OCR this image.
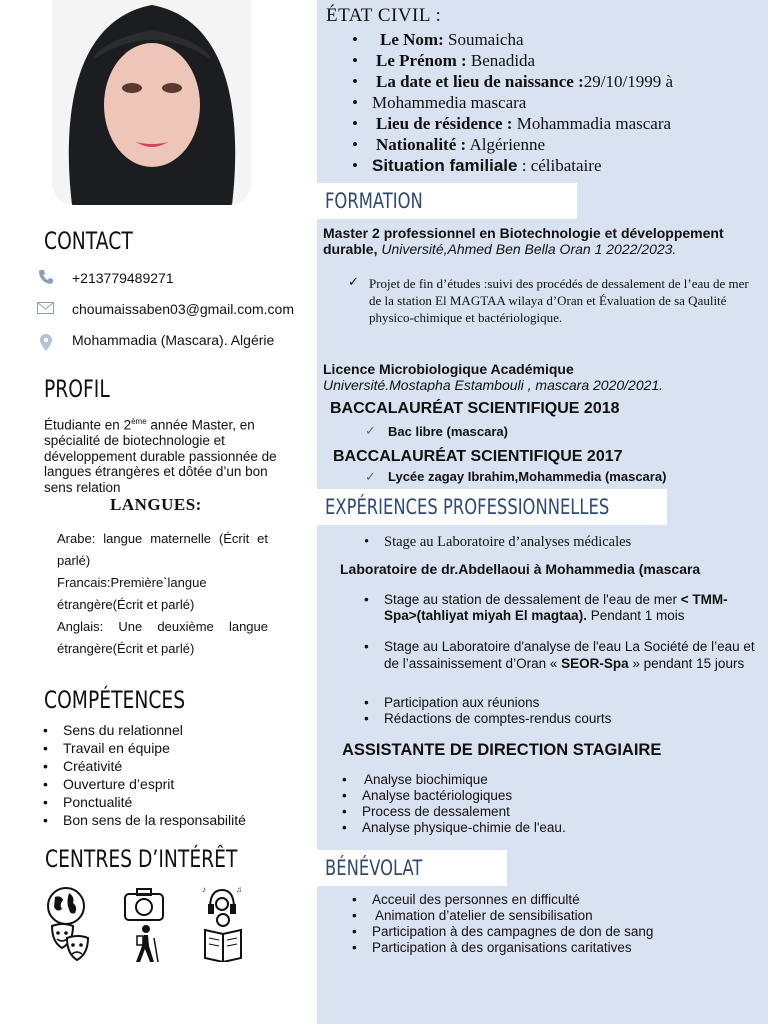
ÉTAT CIVIL :
• Le Nom: Soumaicha
• Le Prénom : Benadida
• La date et lieu de naissance :29/10/1999 à
• Mohammedia mascara
• Lieu de résidence : Mohammadia mascara
• Nationalité : Algérienne
• Situation familiale : célibataire
CONTACT
+213779489271
choumaissaben03@gmail.com.com
Mohammadia (Mascara). Algérie
PROFIL
Étudiante en 2ème année Master, en spécialité de biotechnologie et développement durable passionnée de langues étrangères et dôtée d’un bon sens relation
LANGUES:

Arabe: langue maternelle (Écrit et parlé)

Francais:Première`langue étrangère(Écrit et parlé)

Anglais: Une deuxième langue étrangère(Écrit et parlé)

COMPÉTENCES
• Sens du relationnel
• Travail en équipe
• Créativité
• Ouverture d’esprit
• Ponctualité
• Bon sens de la responsabilité
CENTRES D’INTÉRÊT
♪	♫
FORMATION
Master 2 professionnel en Biotechnologie et développement durable, Université,Ahmed Ben Bella Oran 1 2022/2023.
✓ Projet de fin d’études :suivi des procédés de dessalement de l’eau de mer de la station El MAGTAA wilaya d’Oran et Évaluation de sa Qaulité physico-chimique et bactériologique.
Licence Microbiologique Académique
Université.Mostapha Estambouli , mascara 2020/2021.
BACCALAURÉAT SCIENTIFIQUE 2018
✓ Bac libre (mascara)
BACCALAURÉAT SCIENTIFIQUE 2017
✓ Lycée zagay Ibrahim,Mohammedia (mascara)
EXPÉRIENCES PROFESSIONNELLES
• Stage au Laboratoire d’analyses médicales
Laboratoire de dr.Abdellaoui à Mohammedia (mascara
• Stage au station de dessalement de l'eau de mer < TMM-Spa>(tahliyat miyah El magtaa). Pendant 1 mois
• Stage au Laboratoire d'analyse de l'eau La Société de l’eau et de l’assainissement d’Oran « SEOR-Spa » pendant 15 jours
• Participation aux réunions
• Rédactions de comptes-rendus courts
ASSISTANTE DE DIRECTION STAGIAIRE
• Analyse biochimique
• Analyse bactériologiques
• Process de dessalement
• Analyse physique-chimie de l'eau.
BÉNÉVOLAT
• Acceuil des personnes en difficulté
• Animation d’atelier de sensibilisation
• Participation à des campagnes de don de sang
• Participation à des organisations caritatives
